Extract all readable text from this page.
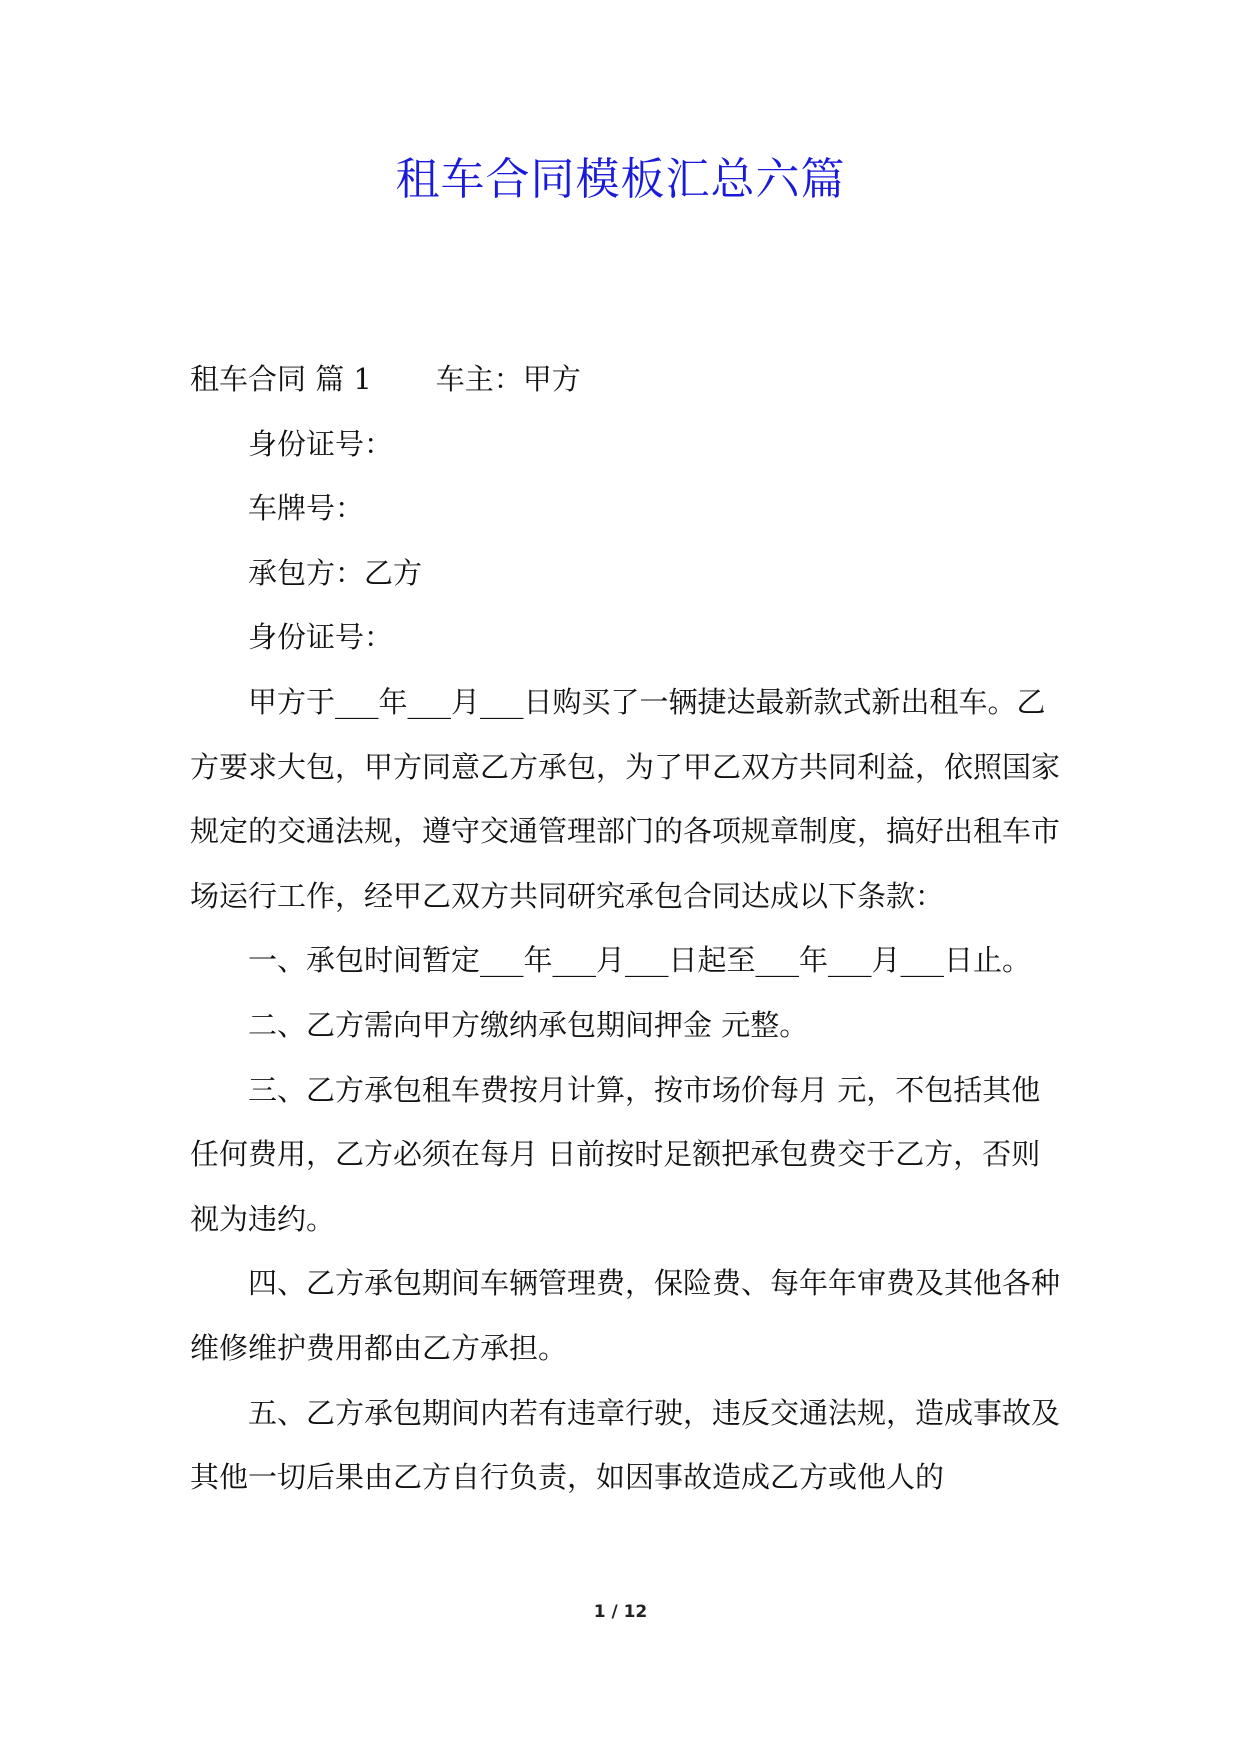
租车合同模板汇总六篇

租车合同 篇 1 车主：甲方

身份证号：

车牌号：

承包方：乙方

身份证号：

甲方于___年___月___日购买了一辆捷达最新款式新出租车。乙方要求大包，甲方同意乙方承包，为了甲乙双方共同利益，依照国家规定的交通法规，遵守交通管理部门的各项规章制度，搞好出租车市场运行工作，经甲乙双方共同研究承包合同达成以下条款：

一、承包时间暂定___年___月___日起至___年___月___日止。

二、乙方需向甲方缴纳承包期间押金 元整。

三、乙方承包租车费按月计算，按市场价每月 元，不包括其他任何费用，乙方必须在每月 日前按时足额把承包费交于乙方，否则视为违约。

四、乙方承包期间车辆管理费，保险费、每年年审费及其他各种维修维护费用都由乙方承担。

五、乙方承包期间内若有违章行驶，违反交通法规，造成事故及其他一切后果由乙方自行负责，如因事故造成乙方或他人的

1 / 12
